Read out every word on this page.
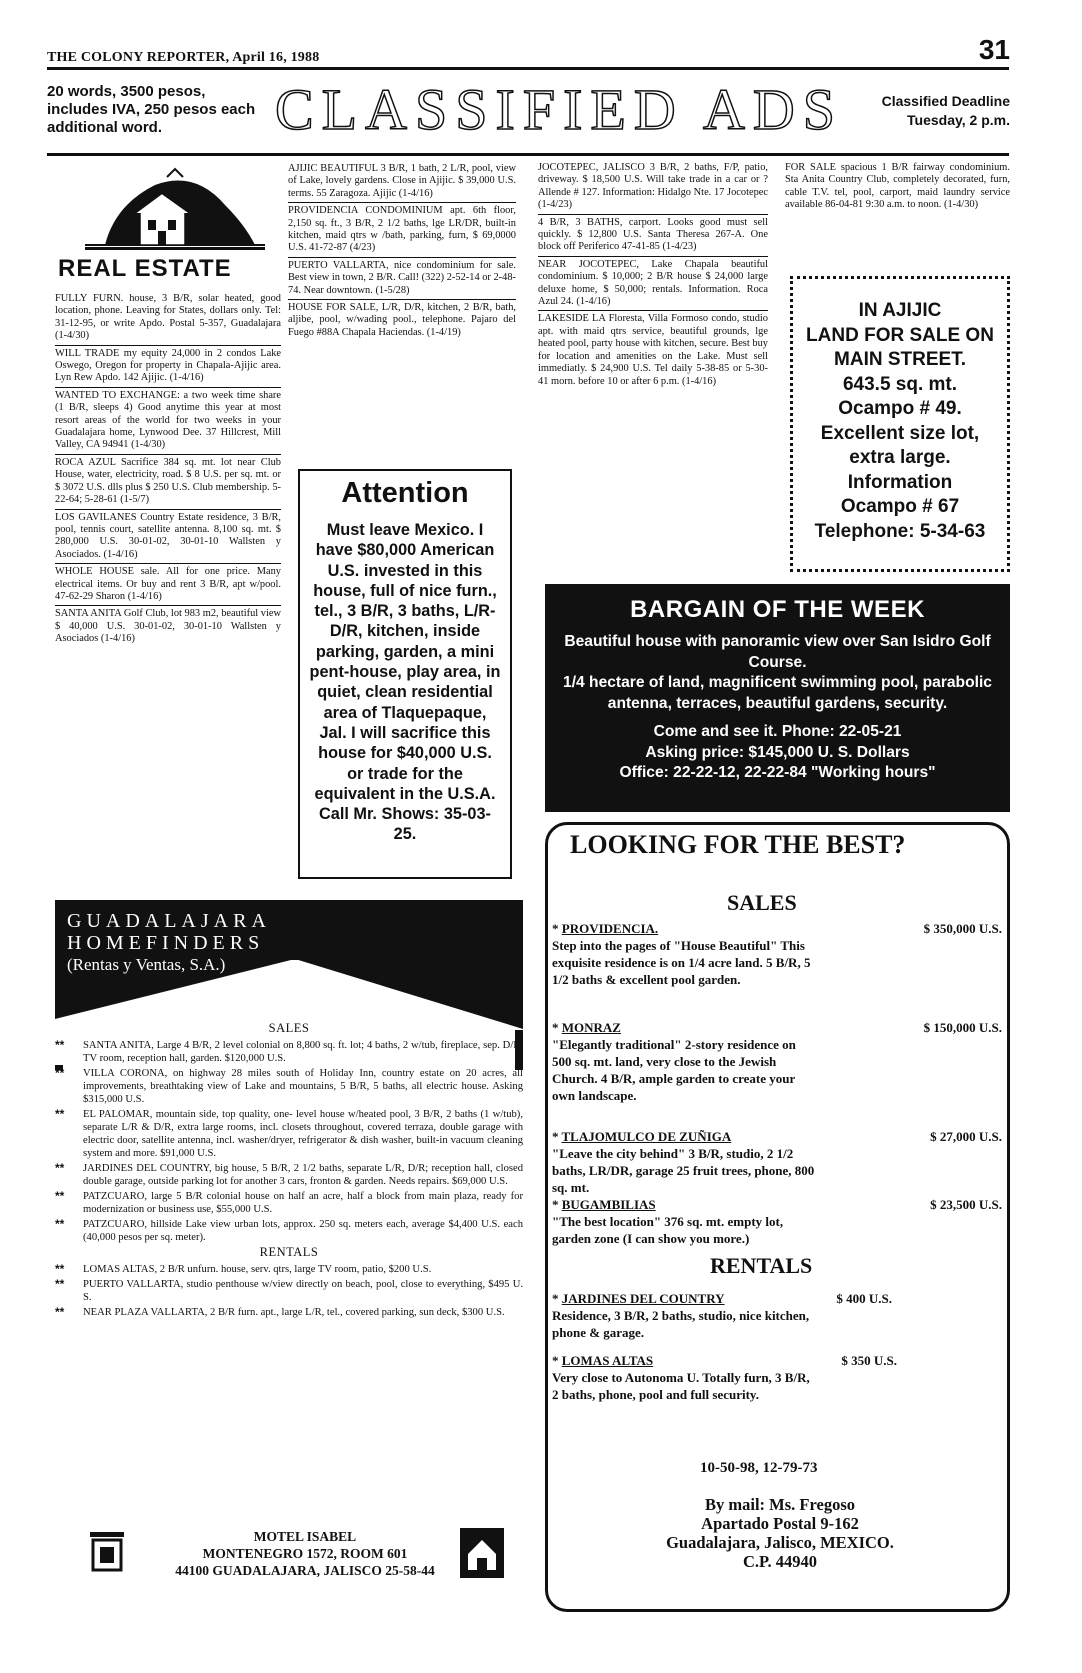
THE COLONY REPORTER, April 16, 1988	31
20 words, 3500 pesos, includes IVA, 250 pesos each additional word.	CLASSIFIED ADS	Classified Deadline
Tuesday, 2 p.m.
REAL ESTATE

FULLY FURN. house, 3 B/R, solar heated, good location, phone. Leaving for States, dollars only. Tel: 31-12-95, or write Apdo. Postal 5-357, Guadalajara (1-4/30)

WILL TRADE my equity 24,000 in 2 condos Lake Oswego, Oregon for property in Chapala-Ajijic area. Lyn Rew Apdo. 142 Ajijic. (1-4/16)

WANTED TO EXCHANGE: a two week time share (1 B/R, sleeps 4) Good anytime this year at most resort areas of the world for two weeks in your Guadalajara home, Lynwood Dee. 37 Hillcrest, Mill Valley, CA 94941 (1-4/30)

ROCA AZUL Sacrifice 384 sq. mt. lot near Club House, water, electricity, road. $ 8 U.S. per sq. mt. or $ 3072 U.S. dlls plus $ 250 U.S. Club membership. 5-22-64; 5-28-61 (1-5/7)

LOS GAVILANES Country Estate residence, 3 B/R, pool, tennis court, satellite antenna. 8,100 sq. mt. $ 280,000 U.S. 30-01-02, 30-01-10 Wallsten y Asociados. (1-4/16)

WHOLE HOUSE sale. All for one price. Many electrical items. Or buy and rent 3 B/R, apt w/pool. 47-62-29 Sharon (1-4/16)

SANTA ANITA Golf Club, lot 983 m2, beautiful view $ 40,000 U.S. 30-01-02, 30-01-10 Wallsten y Asociados (1-4/16)

AJIJIC BEAUTIFUL 3 B/R, 1 bath, 2 L/R, pool, view of Lake, lovely gardens. Close in Ajijic. $ 39,000 U.S. terms. 55 Zaragoza. Ajijic (1-4/16)

PROVIDENCIA CONDOMINIUM apt. 6th floor, 2,150 sq. ft., 3 B/R, 2 1/2 baths, lge LR/DR, built-in kitchen, maid qtrs w /bath, parking, furn, $ 69,0000 U.S. 41-72-87 (4/23)

PUERTO VALLARTA, nice condominium for sale. Best view in town, 2 B/R. Call! (322) 2-52-14 or 2-48-74. Near downtown. (1-5/28)

HOUSE FOR SALE, L/R, D/R, kitchen, 2 B/R, bath, aljibe, pool, w/wading pool., telephone. Pajaro del Fuego #88A Chapala Haciendas. (1-4/19)

Attention
Must leave Mexico. I have $80,000 American U.S. invested in this house, full of nice furn., tel., 3 B/R, 3 baths, L/R-D/R, kitchen, inside parking, garden, a mini pent-house, play area, in quiet, clean residential area of Tlaquepaque, Jal. I will sacrifice this house for $40,000 U.S. or trade for the equivalent in the U.S.A. Call Mr. Shows: 35-03-25.

JOCOTEPEC, JALISCO 3 B/R, 2 baths, F/P, patio, driveway. $ 18,500 U.S. Will take trade in a car or ? Allende # 127. Information: Hidalgo Nte. 17 Jocotepec (1-4/23)

4 B/R, 3 BATHS, carport. Looks good must sell quickly. $ 12,800 U.S. Santa Theresa 267-A. One block off Periferico 47-41-85 (1-4/23)

NEAR JOCOTEPEC, Lake Chapala beautiful condominium. $ 10,000; 2 B/R house $ 24,000 large deluxe home, $ 50,000; rentals. Information. Roca Azul 24. (1-4/16)

LAKESIDE LA Floresta, Villa Formoso condo, studio apt. with maid qtrs service, beautiful grounds, lge heated pool, party house with kitchen, secure. Best buy for location and amenities on the Lake. Must sell immediatly. $ 24,900 U.S. Tel daily 5-38-85 or 5-30-41 morn. before 10 or after 6 p.m. (1-4/16)

FOR SALE spacious 1 B/R fairway condominium. Sta Anita Country Club, completely decorated, furn, cable T.V. tel, pool, carport, maid laundry service available 86-04-81 9:30 a.m. to noon. (1-4/30)

IN AJIJIC
LAND FOR SALE ON
MAIN STREET.
643.5 sq. mt.
Ocampo # 49.
Excellent size lot,
extra large.
Information
Ocampo # 67
Telephone: 5-34-63
BARGAIN OF THE WEEK
Beautiful house with panoramic view over San Isidro Golf Course.
1/4 hectare of land, magnificent swimming pool, parabolic antenna, terraces, beautiful gardens, security.
Come and see it. Phone: 22-05-21
Asking price: $145,000 U. S. Dollars
Office: 22-22-12, 22-22-84 "Working hours"
LOOKING FOR THE BEST?
SALES
* PROVIDENCIA.	$ 350,000 U.S.
Step into the pages of "House Beautiful" This exquisite residence is on 1/4 acre land. 5 B/R, 5 1/2 baths & excellent pool garden.
* MONRAZ	$ 150,000 U.S.
"Elegantly traditional" 2-story residence on 500 sq. mt. land, very close to the Jewish Church. 4 B/R, ample garden to create your own landscape.
* TLAJOMULCO DE ZUÑIGA	$ 27,000 U.S.
"Leave the city behind" 3 B/R, studio, 2 1/2 baths, LR/DR, garage 25 fruit trees, phone, 800 sq. mt.
* BUGAMBILIAS	$ 23,500 U.S.
"The best location" 376 sq. mt. empty lot, garden zone (I can show you more.)
RENTALS
* JARDINES DEL COUNTRY	$ 400 U.S.
Residence, 3 B/R, 2 baths, studio, nice kitchen, phone & garage.
* LOMAS ALTAS	$ 350 U.S.
Very close to Autonoma U. Totally furn, 3 B/R, 2 baths, phone, pool and full security.
10-50-98, 12-79-73
By mail: Ms. Fregoso
Apartado Postal 9-162
Guadalajara, Jalisco, MEXICO.
C.P. 44940
GUADALAJARA
HOMEFINDERS
(Rentas y Ventas, S.A.)
SALES
** SANTA ANITA, Large 4 B/R, 2 level colonial on 8,800 sq. ft. lot; 4 baths, 2 w/tub, fireplace, sep. D/R, TV room, reception hall, garden. $120,000 U.S.
** VILLA CORONA, on highway 28 miles south of Holiday Inn, country estate on 20 acres, all improvements, breathtaking view of Lake and mountains, 5 B/R, 5 baths, all electric house. Asking $315,000 U.S.
** EL PALOMAR, mountain side, top quality, one- level house w/heated pool, 3 B/R, 2 baths (1 w/tub), separate L/R & D/R, extra large rooms, incl. closets throughout, covered terraza, double garage with electric door, satellite antenna, incl. washer/dryer, refrigerator & dish washer, built-in vacuum cleaning system and more. $91,000 U.S.
** JARDINES DEL COUNTRY, big house, 5 B/R, 2 1/2 baths, separate L/R, D/R; reception hall, closed double garage, outside parking lot for another 3 cars, fronton & garden. Needs repairs. $69,000 U.S.
** PATZCUARO, large 5 B/R colonial house on half an acre, half a block from main plaza, ready for modernization or business use, $55,000 U.S.
** PATZCUARO, hillside Lake view urban lots, approx. 250 sq. meters each, average $4,400 U.S. each (40,000 pesos per sq. meter).
RENTALS
** LOMAS ALTAS, 2 B/R unfurn. house, serv. qtrs, large TV room, patio, $200 U.S.
** PUERTO VALLARTA, studio penthouse w/view directly on beach, pool, close to everything, $495 U. S.
** NEAR PLAZA VALLARTA, 2 B/R furn. apt., large L/R, tel., covered parking, sun deck, $300 U.S.
MOTEL ISABEL
MONTENEGRO 1572, ROOM 601
44100 GUADALAJARA, JALISCO 25-58-44
